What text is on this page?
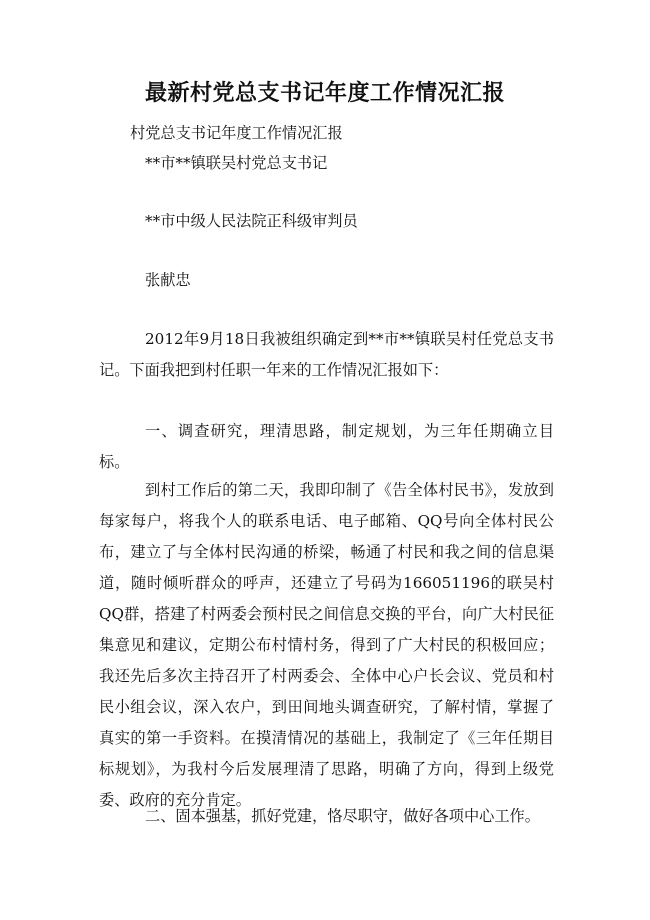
最新村党总支书记年度工作情况汇报
村党总支书记年度工作情况汇报
**市**镇联吴村党总支书记
**市中级人民法院正科级审判员
张献忠
2012年9月18日我被组织确定到**市**镇联吴村任党总支书记。下面我把到村任职一年来的工作情况汇报如下：
一、调查研究，理清思路，制定规划，为三年任期确立目标。
到村工作后的第二天，我即印制了《告全体村民书》，发放到每家每户，将我个人的联系电话、电子邮箱、QQ号向全体村民公布，建立了与全体村民沟通的桥梁，畅通了村民和我之间的信息渠道，随时倾听群众的呼声，还建立了号码为166051196的联吴村QQ群，搭建了村两委会预村民之间信息交换的平台，向广大村民征集意见和建议，定期公布村情村务，得到了广大村民的积极回应；我还先后多次主持召开了村两委会、全体中心户长会议、党员和村民小组会议，深入农户，到田间地头调查研究，了解村情，掌握了真实的第一手资料。在摸清情况的基础上，我制定了《三年任期目标规划》，为我村今后发展理清了思路，明确了方向，得到上级党委、政府的充分肯定。
二、固本强基，抓好党建，恪尽职守，做好各项中心工作。
